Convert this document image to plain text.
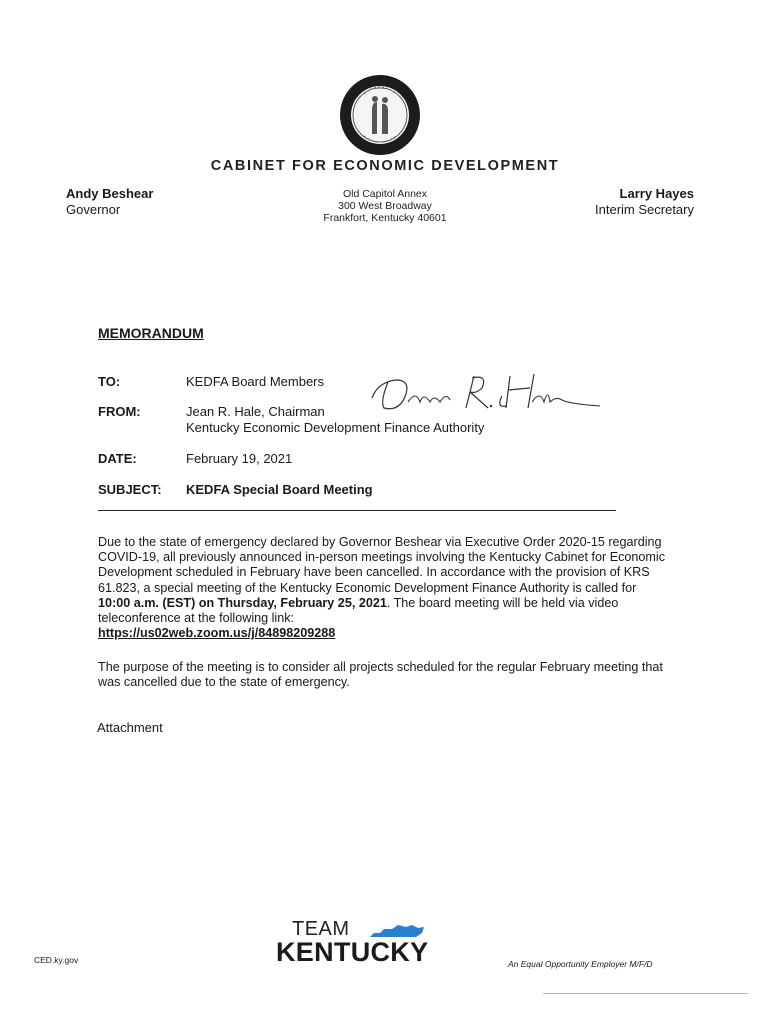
CABINET FOR ECONOMIC DEVELOPMENT
Andy Beshear
Governor
Old Capitol Annex
300 West Broadway
Frankfort, Kentucky 40601
Larry Hayes
Interim Secretary
MEMORANDUM
TO:	KEDFA Board Members
FROM:	Jean R. Hale, Chairman
Kentucky Economic Development Finance Authority
DATE:	February 19, 2021
SUBJECT: KEDFA Special Board Meeting
Due to the state of emergency declared by Governor Beshear via Executive Order 2020-15 regarding COVID-19, all previously announced in-person meetings involving the Kentucky Cabinet for Economic Development scheduled in February have been cancelled. In accordance with the provision of KRS 61.823, a special meeting of the Kentucky Economic Development Finance Authority is called for 10:00 a.m. (EST) on Thursday, February 25, 2021. The board meeting will be held via video teleconference at the following link:
https://us02web.zoom.us/j/84898209288
The purpose of the meeting is to consider all projects scheduled for the regular February meeting that was cancelled due to the state of emergency.
Attachment
CED.ky.gov
TEAM
KENTUCKY	An Equal Opportunity Employer M/F/D
